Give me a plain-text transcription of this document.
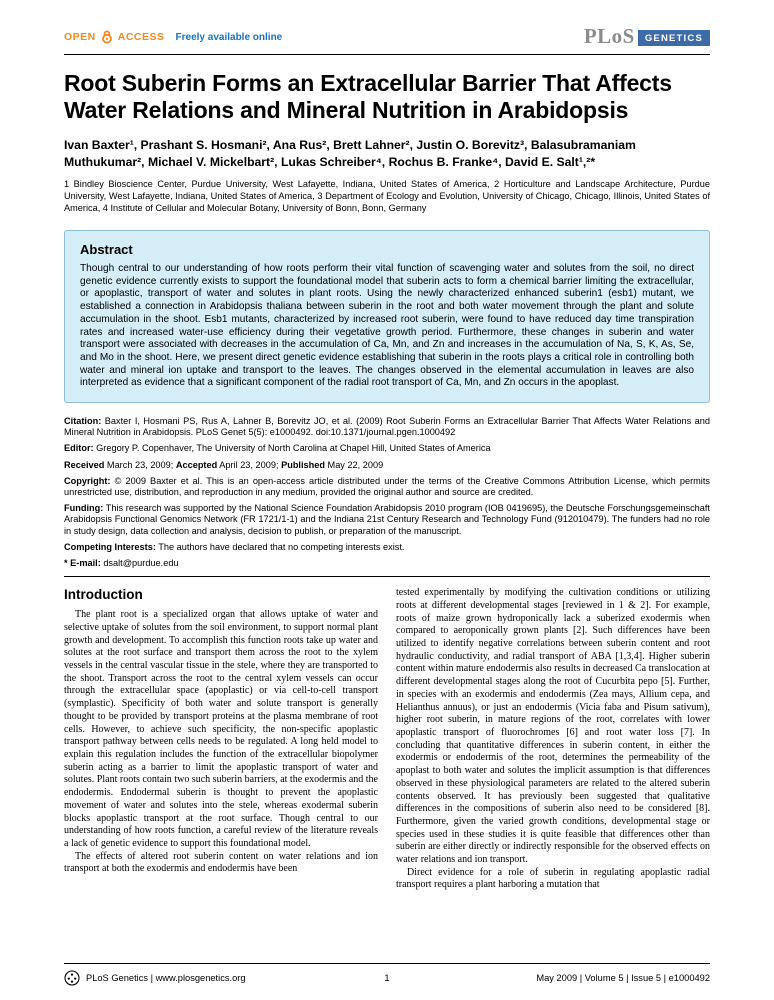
OPEN ACCESS Freely available online	PLoS	GENETICS
Root Suberin Forms an Extracellular Barrier That Affects Water Relations and Mineral Nutrition in Arabidopsis

Ivan Baxter¹, Prashant S. Hosmani², Ana Rus², Brett Lahner², Justin O. Borevitz³, Balasubramaniam Muthukumar², Michael V. Mickelbart², Lukas Schreiber⁴, Rochus B. Franke⁴, David E. Salt¹,²*

1 Bindley Bioscience Center, Purdue University, West Lafayette, Indiana, United States of America, 2 Horticulture and Landscape Architecture, Purdue University, West Lafayette, Indiana, United States of America, 3 Department of Ecology and Evolution, University of Chicago, Chicago, Illinois, United States of America, 4 Institute of Cellular and Molecular Botany, University of Bonn, Bonn, Germany

Abstract

Though central to our understanding of how roots perform their vital function of scavenging water and solutes from the soil, no direct genetic evidence currently exists to support the foundational model that suberin acts to form a chemical barrier limiting the extracellular, or apoplastic, transport of water and solutes in plant roots. Using the newly characterized enhanced suberin1 (esb1) mutant, we established a connection in Arabidopsis thaliana between suberin in the root and both water movement through the plant and solute accumulation in the shoot. Esb1 mutants, characterized by increased root suberin, were found to have reduced day time transpiration rates and increased water-use efficiency during their vegetative growth period. Furthermore, these changes in suberin and water transport were associated with decreases in the accumulation of Ca, Mn, and Zn and increases in the accumulation of Na, S, K, As, Se, and Mo in the shoot. Here, we present direct genetic evidence establishing that suberin in the roots plays a critical role in controlling both water and mineral ion uptake and transport to the leaves. The changes observed in the elemental accumulation in leaves are also interpreted as evidence that a significant component of the radial root transport of Ca, Mn, and Zn occurs in the apoplast.

Citation: Baxter I, Hosmani PS, Rus A, Lahner B, Borevitz JO, et al. (2009) Root Suberin Forms an Extracellular Barrier That Affects Water Relations and Mineral Nutrition in Arabidopsis. PLoS Genet 5(5): e1000492. doi:10.1371/journal.pgen.1000492

Editor: Gregory P. Copenhaver, The University of North Carolina at Chapel Hill, United States of America

Received March 23, 2009; Accepted April 23, 2009; Published May 22, 2009

Copyright: © 2009 Baxter et al. This is an open-access article distributed under the terms of the Creative Commons Attribution License, which permits unrestricted use, distribution, and reproduction in any medium, provided the original author and source are credited.

Funding: This research was supported by the National Science Foundation Arabidopsis 2010 program (IOB 0419695), the Deutsche Forschungsgemeinschaft Arabidopsis Functional Genomics Network (FR 1721/1-1) and the Indiana 21st Century Research and Technology Fund (912010479). The funders had no role in study design, data collection and analysis, decision to publish, or preparation of the manuscript.

Competing Interests: The authors have declared that no competing interests exist.

* E-mail: dsalt@purdue.edu

Introduction

The plant root is a specialized organ that allows uptake of water and selective uptake of solutes from the soil environment, to support normal plant growth and development. To accomplish this function roots take up water and solutes at the root surface and transport them across the root to the xylem vessels in the central vascular tissue in the stele, where they are transported to the shoot. Transport across the root to the central xylem vessels can occur through the extracellular space (apoplastic) or via cell-to-cell transport (symplastic). Specificity of both water and solute transport is generally thought to be provided by transport proteins at the plasma membrane of root cells. However, to achieve such specificity, the non-specific apoplastic transport pathway between cells needs to be regulated. A long held model to explain this regulation includes the function of the extracellular biopolymer suberin acting as a barrier to limit the apoplastic transport of water and solutes. Plant roots contain two such suberin barriers, at the exodermis and the endodermis. Endodermal suberin is thought to prevent the apoplastic movement of water and solutes into the stele, whereas exodermal suberin blocks apoplastic transport at the root surface. Though central to our understanding of how roots function, a careful review of the literature reveals a lack of genetic evidence to support this foundational model.

The effects of altered root suberin content on water relations and ion transport at both the exodermis and endodermis have been

tested experimentally by modifying the cultivation conditions or utilizing roots at different developmental stages [reviewed in 1 & 2]. For example, roots of maize grown hydroponically lack a suberized exodermis when compared to aeroponically grown plants [2]. Such differences have been utilized to identify negative correlations between suberin content and root hydraulic conductivity, and radial transport of ABA [1,3,4]. Higher suberin content within mature endodermis also results in decreased Ca translocation at different developmental stages along the root of Cucurbita pepo [5]. Further, in species with an exodermis and endodermis (Zea mays, Allium cepa, and Helianthus annuus), or just an endodermis (Vicia faba and Pisum sativum), higher root suberin, in mature regions of the root, correlates with lower apoplastic transport of fluorochromes [6] and root water loss [7]. In concluding that quantitative differences in suberin content, in either the exodermis or endodermis of the root, determines the permeability of the apoplast to both water and solutes the implicit assumption is that differences observed in these physiological parameters are related to the altered suberin contents observed. It has previously been suggested that qualitative differences in the compositions of suberin also need to be considered [8]. Furthermore, given the varied growth conditions, developmental stage or species used in these studies it is quite feasible that differences other than suberin are either directly or indirectly responsible for the observed effects on water relations and ion transport.

Direct evidence for a role of suberin in regulating apoplastic radial transport requires a plant harboring a mutation that

PLoS Genetics | www.plosgenetics.org	1	May 2009 | Volume 5 | Issue 5 | e1000492
